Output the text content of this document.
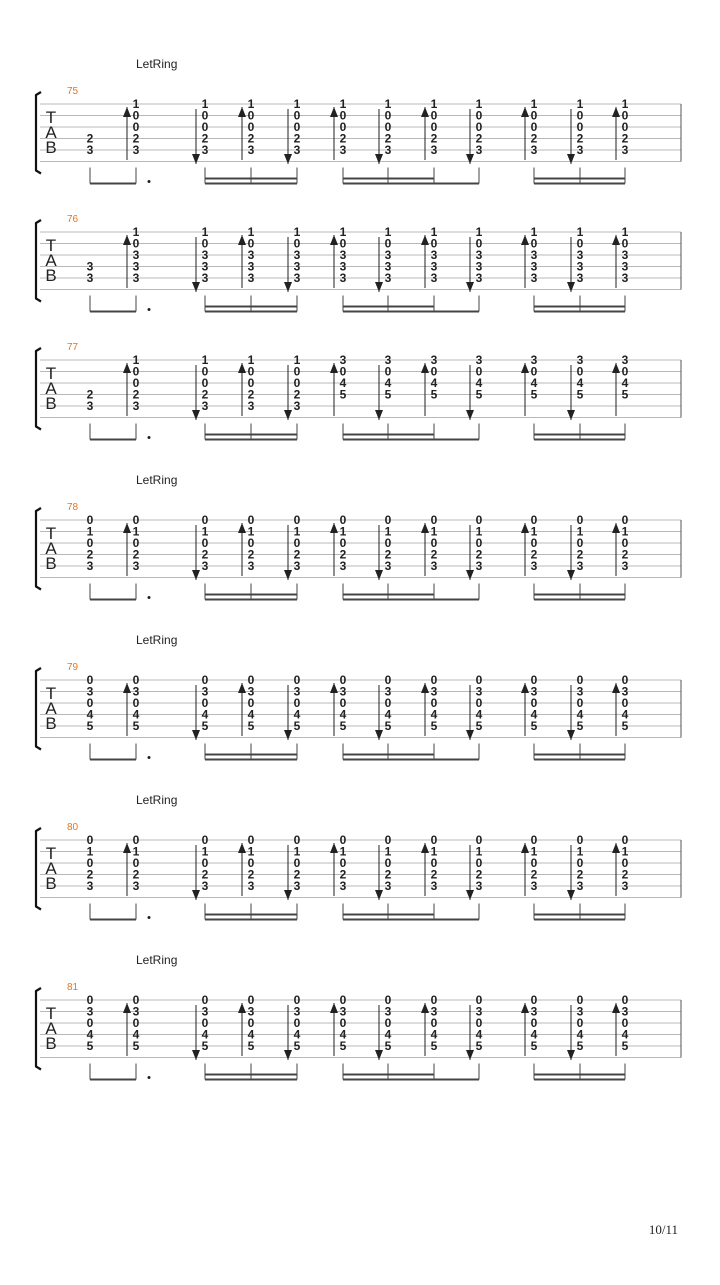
LetRing
75
T
A
B 2
3
1
0
0
2
3
1
0
0
2
3
1
0
0
2
3
1
0
0
2
3
1
0
0
2
3
1
0
0
2
3
1
0
0
2
3
1
0
0
2
3
1
0
0
2
3
1
0
0
2
3
1
0
0
2
3
76
T
A
B 3
3
1
0
3
3
3
1
0
3
3
3
1
0
3
3
3
1
0
3
3
3
1
0
3
3
3
1
0
3
3
3
1
0
3
3
3
1
0
3
3
3
1
0
3
3
3
1
0
3
3
3
1
0
3
3
3
77
T
A
B 2
3
1
0
0
2
3
1
0
0
2
3
1
0
0
2
3
1
0
0
2
3
3
0
4
5
3
0
4
5
3
0
4
5
3
0
4
5
3
0
4
5
3
0
4
5
3
0
4
5
LetRing
78
T
A
B
0
1
0
2
3
0
1
0
2
3
0
1
0
2
3
0
1
0
2
3
0
1
0
2
3
0
1
0
2
3
0
1
0
2
3
0
1
0
2
3
0
1
0
2
3
0
1
0
2
3
0
1
0
2
3
0
1
0
2
3
LetRing
79
T
A
B
0
3
0
4
5
0
3
0
4
5
0
3
0
4
5
0
3
0
4
5
0
3
0
4
5
0
3
0
4
5
0
3
0
4
5
0
3
0
4
5
0
3
0
4
5
0
3
0
4
5
0
3
0
4
5
0
3
0
4
5
LetRing
80
T
A
B
0
1
0
2
3
0
1
0
2
3
0
1
0
2
3
0
1
0
2
3
0
1
0
2
3
0
1
0
2
3
0
1
0
2
3
0
1
0
2
3
0
1
0
2
3
0
1
0
2
3
0
1
0
2
3
0
1
0
2
3
LetRing
81
T
A
B
0
3
0
4
5
0
3
0
4
5
0
3
0
4
5
0
3
0
4
5
0
3
0
4
5
0
3
0
4
5
0
3
0
4
5
0
3
0
4
5
0
3
0
4
5
0
3
0
4
5
0
3
0
4
5
0
3
0
4
5
10/11
